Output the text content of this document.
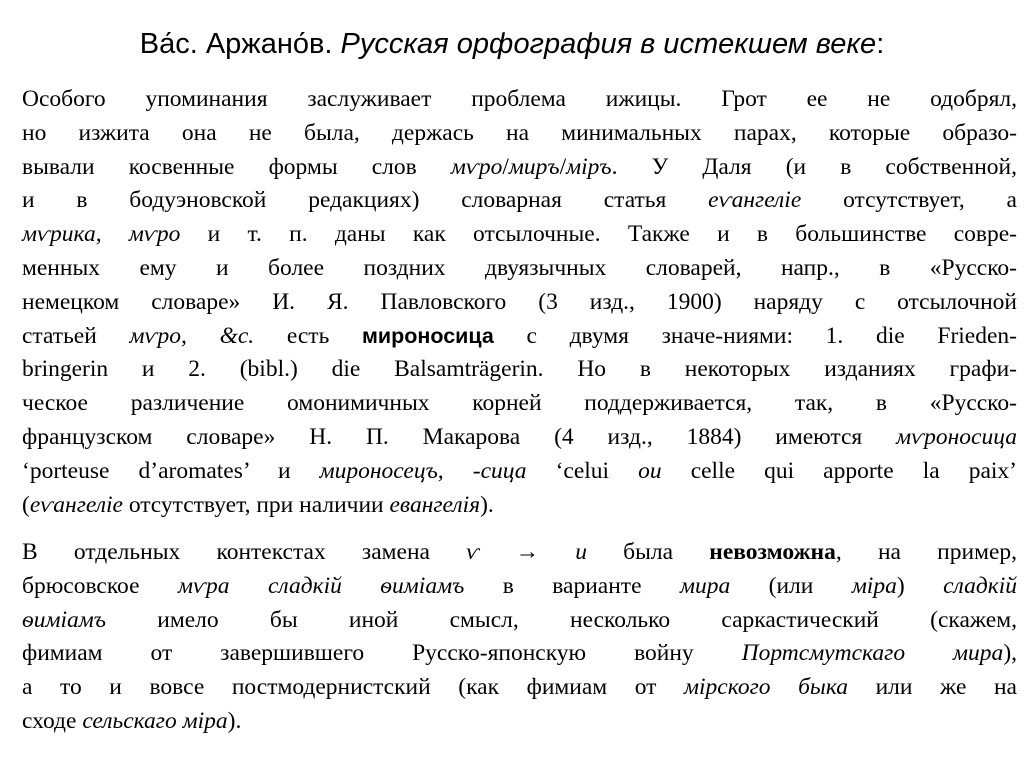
Ва́с. Аржано́в. Русская орфография в истекшем веке:
Особого упоминания заслуживает проблема ижицы. Грот ее не одобрял,
но изжита она не была, держась на минимальных парах, которые образо-
вывали косвенные формы слов мѵро/миръ/міръ. У Даля (и в собственной,
и в бодуэновской редакциях) словарная статья еѵангеліе отсутствует, а
мѵрика, мѵро и т. п. даны как отсылочные. Также и в большинстве совре-
менных ему и более поздних двуязычных словарей, напр., в «Русско-
немецком словаре» И. Я. Павловского (3 изд., 1900) наряду с отсылочной
статьей мѵро, &c. есть мироносица с двумя значе-ниями: 1. die Frieden-
bringerin и 2. (bibl.) die Balsamträgerin. Но в некоторых изданиях графи-
ческое различение омонимичных корней поддерживается, так, в «Русско-
французском словаре» Н. П. Макарова (4 изд., 1884) имеются мѵроносица
‘porteuse d’aromates’ и мироносецъ, -сица ‘celui ou celle qui apporte la paix’
(еѵангеліе отсутствует, при наличии евангелія).
В отдельных контекстах замена ѵ → и была невозможна, на пример,
брюсовское мѵра сладкій ѳиміамъ в варианте мира (или міра) сладкій
ѳиміамъ имело бы иной смысл, несколько саркастический (скажем,
фимиам от завершившего Русско-японскую войну Портсмутскаго мира),
а то и вовсе постмодернистский (как фимиам от мірского быка или же на
сходе сельскаго міра).
